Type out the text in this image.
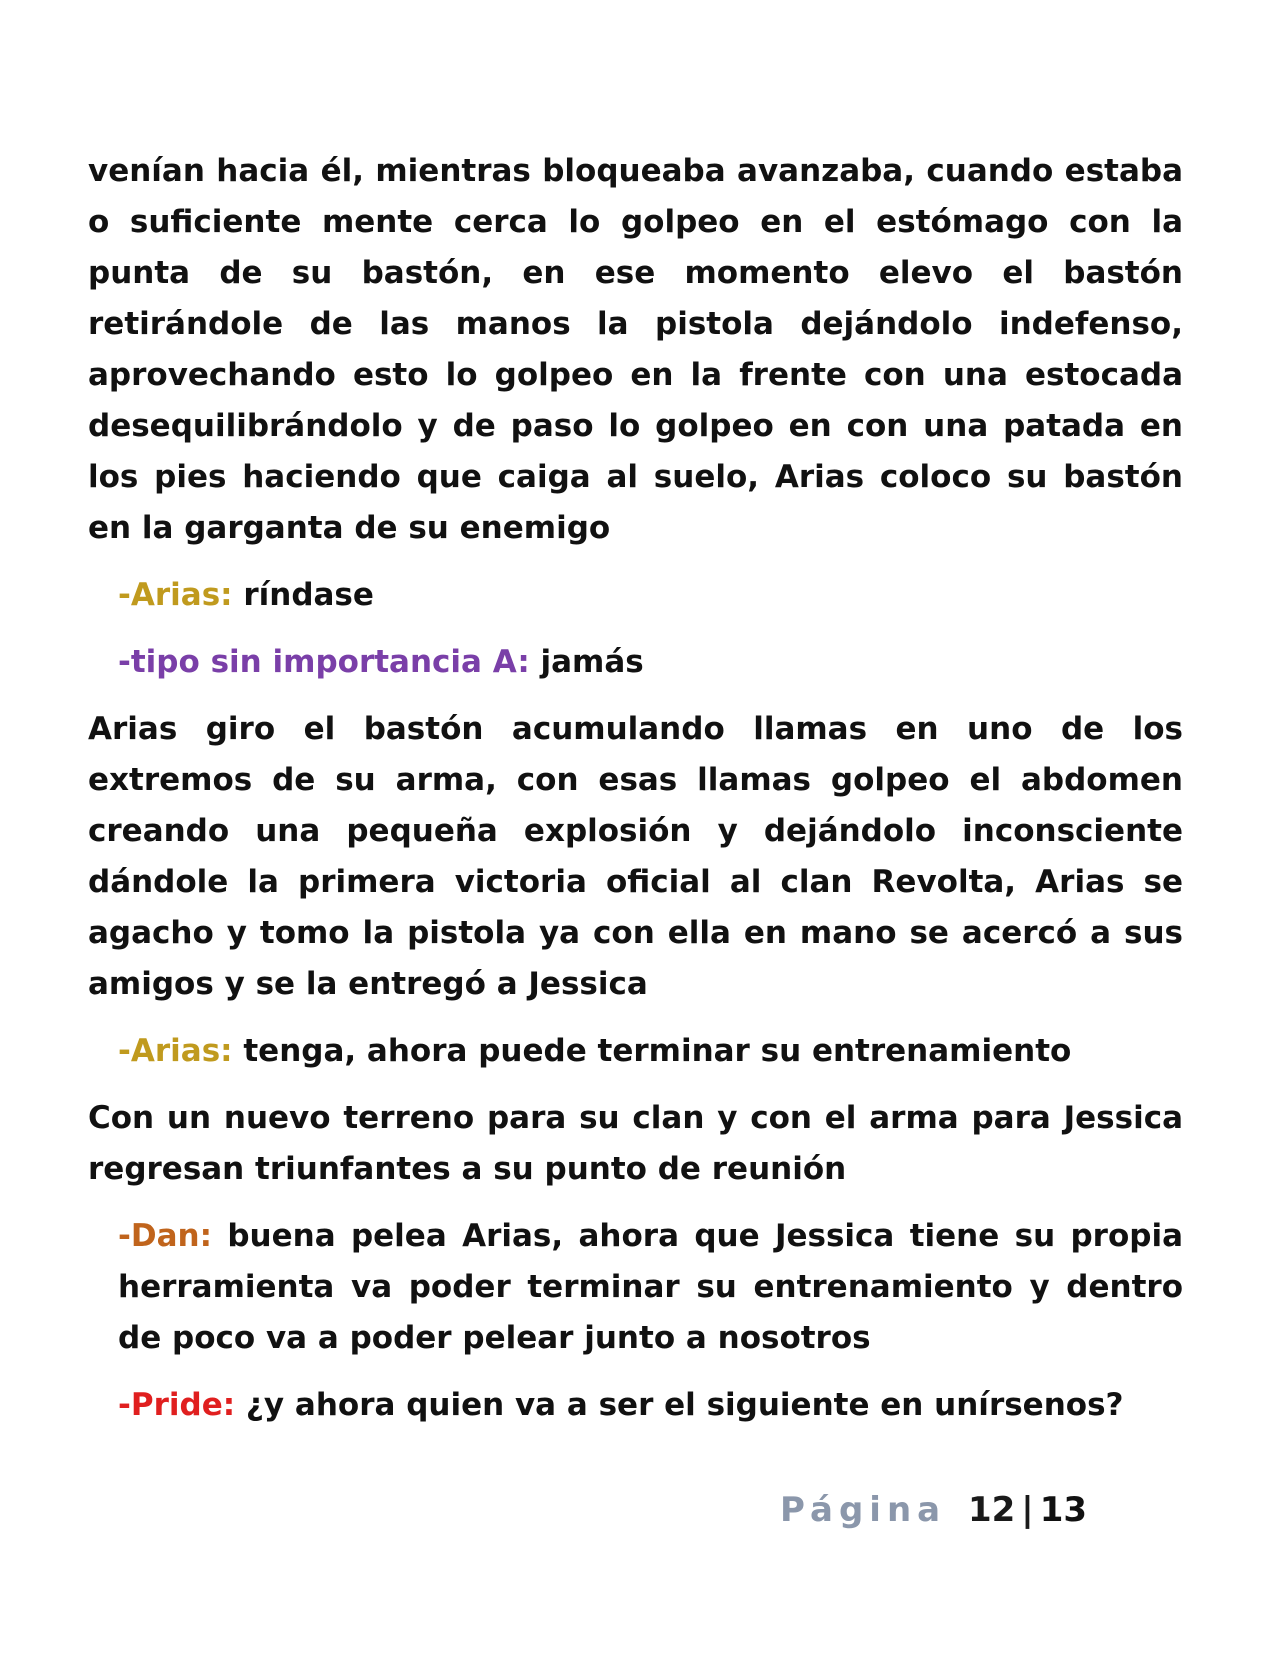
venían hacia él, mientras bloqueaba avanzaba, cuando estaba o suficiente mente cerca lo golpeo en el estómago con la punta de su bastón, en ese momento elevo el bastón retirándole de las manos la pistola dejándolo indefenso, aprovechando esto lo golpeo en la frente con una estocada desequilibrándolo y de paso lo golpeo en con una patada en los pies haciendo que caiga al suelo, Arias coloco su bastón en la garganta de su enemigo

-Arias: ríndase

-tipo sin importancia A: jamás

Arias giro el bastón acumulando llamas en uno de los extremos de su arma, con esas llamas golpeo el abdomen creando una pequeña explosión y dejándolo inconsciente dándole la primera victoria oficial al clan Revolta, Arias se agacho y tomo la pistola ya con ella en mano se acercó a sus amigos y se la entregó a Jessica

-Arias: tenga, ahora puede terminar su entrenamiento

Con un nuevo terreno para su clan y con el arma para Jessica regresan triunfantes a su punto de reunión

-Dan: buena pelea Arias, ahora que Jessica tiene su propia herramienta va poder terminar su entrenamiento y dentro de poco va a poder pelear junto a nosotros

-Pride: ¿y ahora quien va a ser el siguiente en unírsenos?

Página 12 | 13
